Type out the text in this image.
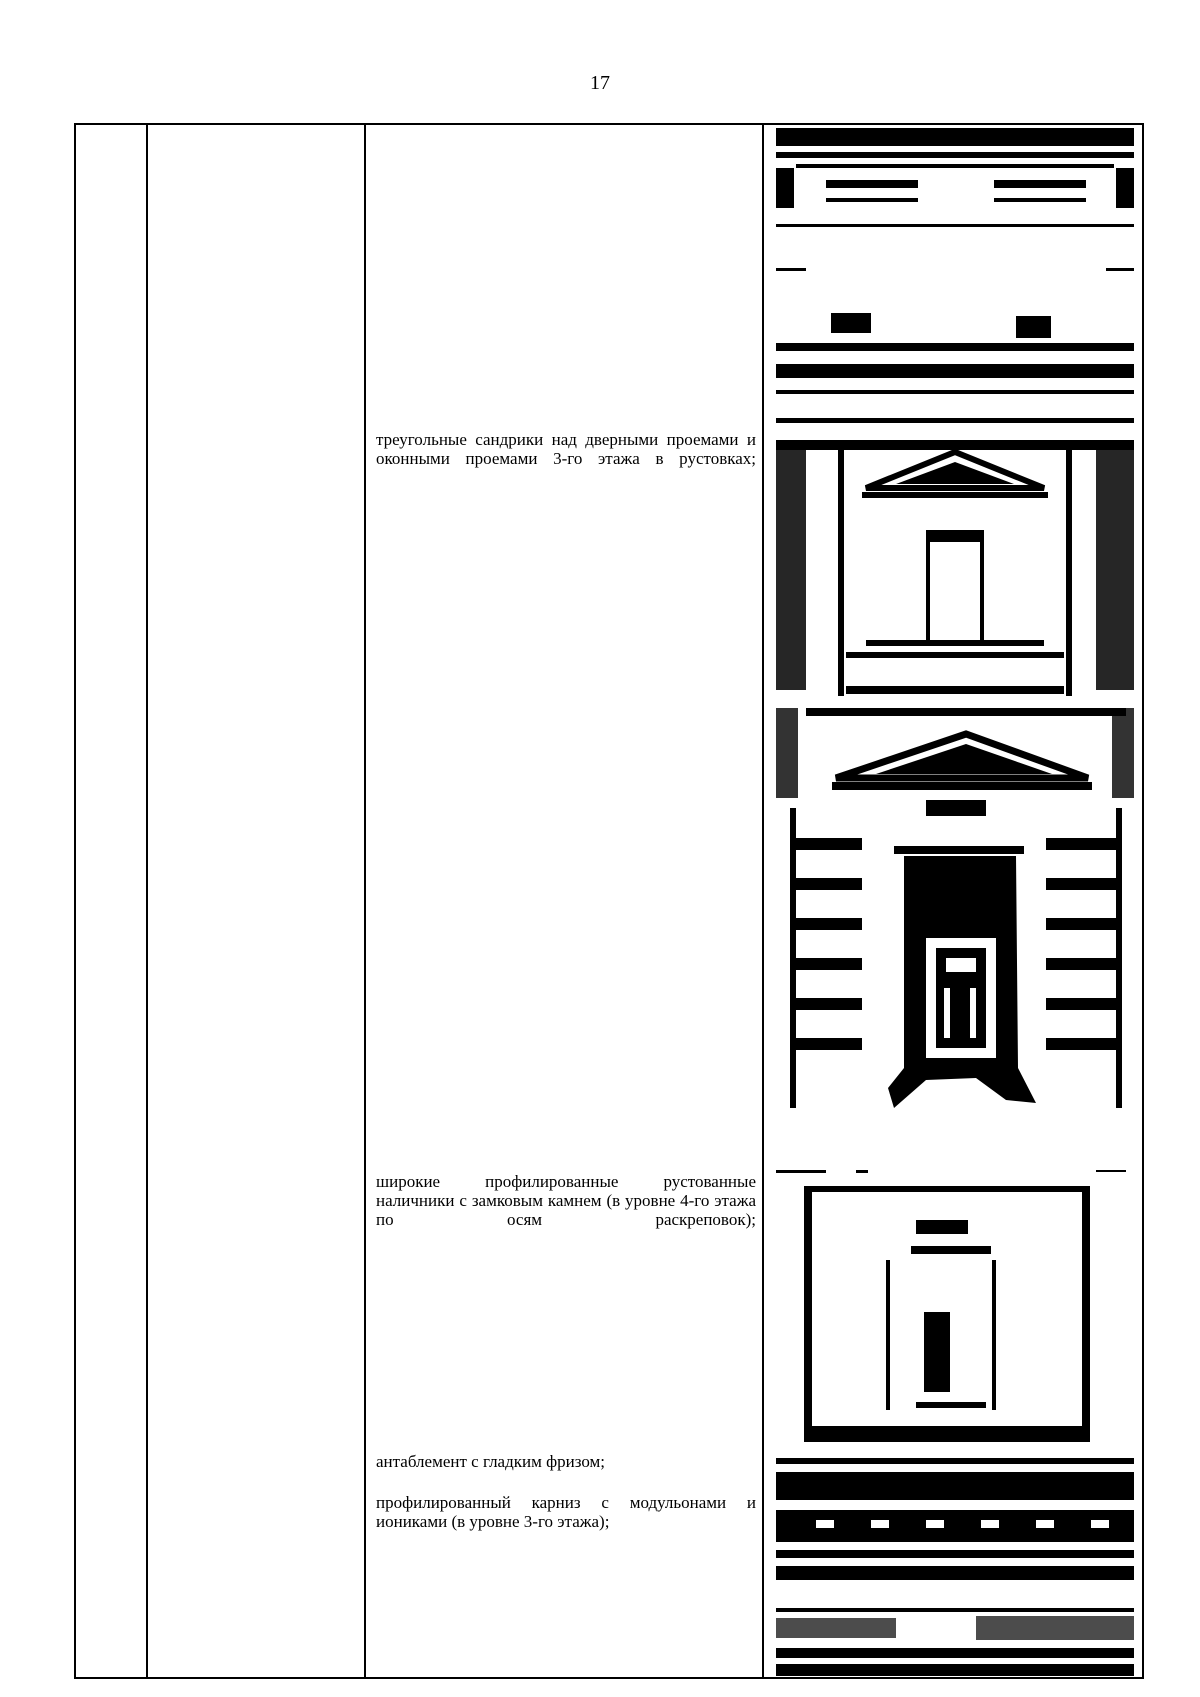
17

треугольные сандрики над дверными проемами и оконными проемами 3-го этажа в рустовках;

широкие профилированные рустованные наличники с замковым камнем (в уровне 4-го этажа по осям раскреповок);

антаблемент с гладким фризом;

профилированный карниз с модульонами и иониками (в уровне 3-го этажа);
